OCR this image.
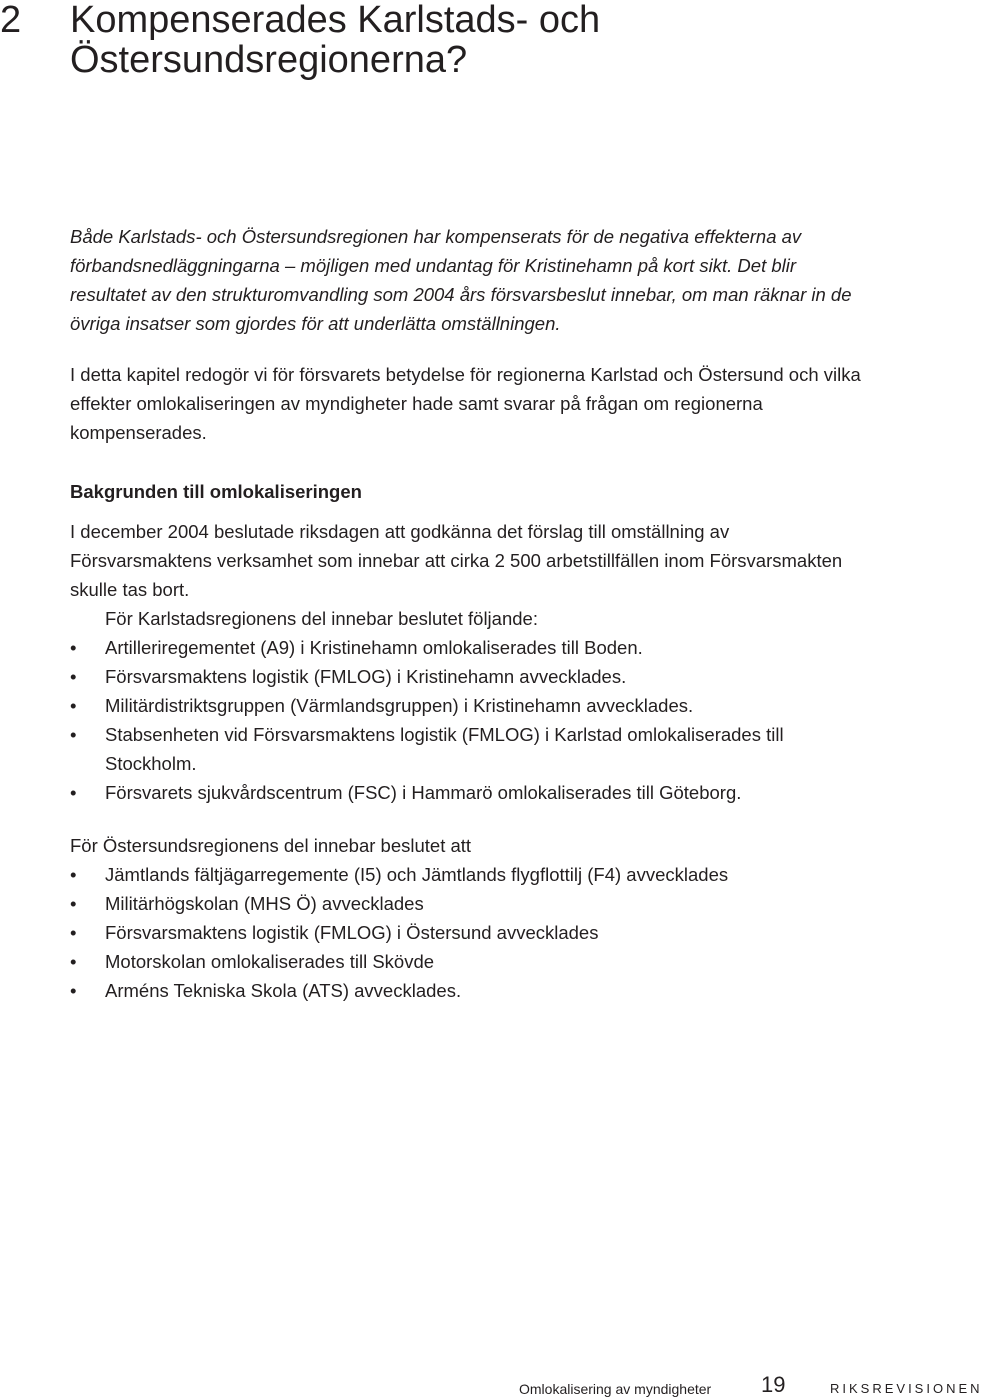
2 Kompenserades Karlstads- och Östersundsregionerna?

Både Karlstads- och Östersundsregionen har kompenserats för de negativa effekterna av förbandsnedläggningarna – möjligen med undantag för Kristinehamn på kort sikt. Det blir resultatet av den strukturomvandling som 2004 års försvarsbeslut innebar, om man räknar in de övriga insatser som gjordes för att underlätta omställningen.

I detta kapitel redogör vi för försvarets betydelse för regionerna Karlstad och Östersund och vilka effekter omlokaliseringen av myndigheter hade samt svarar på frågan om regionerna kompenserades.

Bakgrunden till omlokaliseringen

I december 2004 beslutade riksdagen att godkänna det förslag till omställning av Försvarsmaktens verksamhet som innebar att cirka 2 500 arbetstillfällen inom Försvarsmakten skulle tas bort.

För Karlstadsregionens del innebar beslutet följande:

• Artilleriregementet (A9) i Kristinehamn omlokaliserades till Boden.
• Försvarsmaktens logistik (FMLOG) i Kristinehamn avvecklades.
• Militärdistriktsgruppen (Värmlandsgruppen) i Kristinehamn avvecklades.
• Stabsenheten vid Försvarsmaktens logistik (FMLOG) i Karlstad omlokaliserades till Stockholm.
• Försvarets sjukvårdscentrum (FSC) i Hammarö omlokaliserades till Göteborg.

För Östersundsregionens del innebar beslutet att

• Jämtlands fältjägarregemente (I5) och Jämtlands flygflottilj (F4) avvecklades
• Militärhögskolan (MHS Ö) avvecklades
• Försvarsmaktens logistik (FMLOG) i Östersund avvecklades
• Motorskolan omlokaliserades till Skövde
• Arméns Tekniska Skola (ATS) avvecklades.
Omlokalisering av myndigheter 19	RIKSREVISIONEN
